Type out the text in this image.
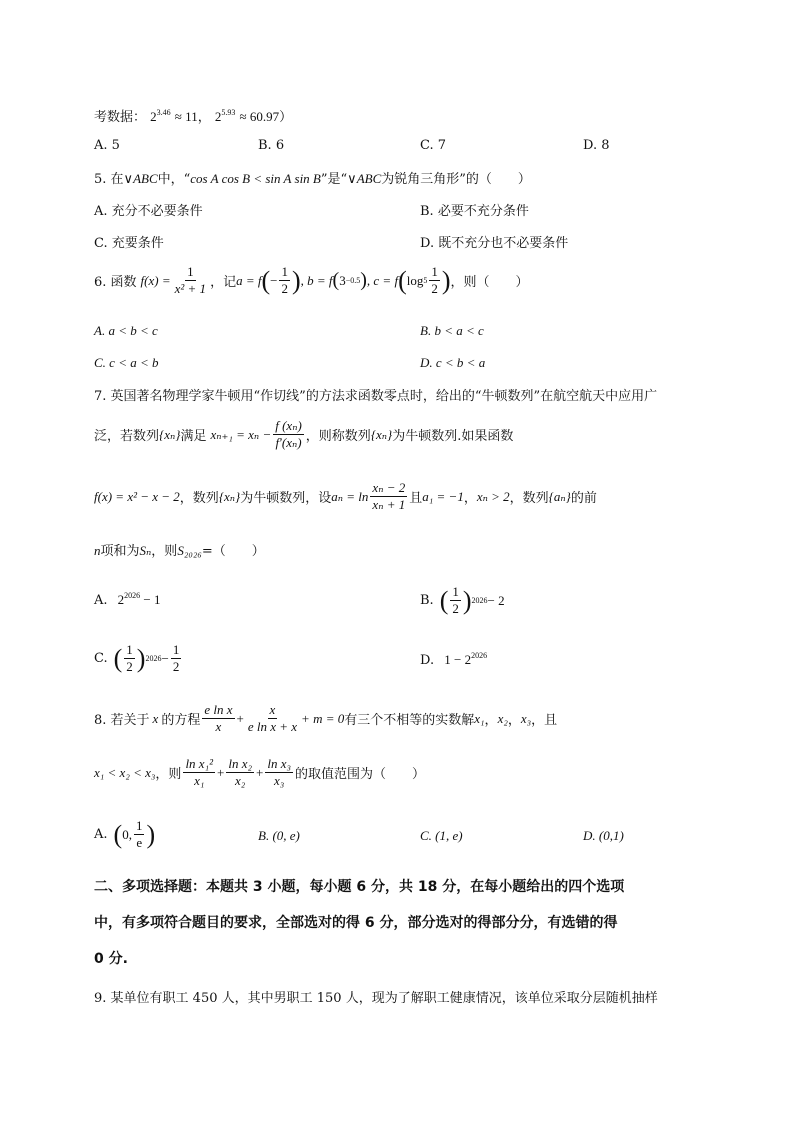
考数据： $2^{3.46} \approx 11$， $2^{5.93} \approx 60.97$）
A. 5	B. 6	C. 7	D. 8
5. 在∨ABC中，“cos A cos B < sin A sin B”是“∨ABC为锐角三角形”的（　　）
A. 充分不必要条件	B. 必要不充分条件
C. 充要条件	D. 既不充分也不必要条件
6. 函数 $f(x) = \frac{1}{\text{x² + 1}}$ ，记 a = f ( − $\frac{1}{2}$ ) , b = f ( 3 −0.5 ) , c = f ( $\log 5 \frac{1}{2}$ ) ，则（　　）
A. a < b < c	B. b < a < c
C. c < a < b	D. c < b < a
7. 英国著名物理学家牛顿用“作切线”的方法求函数零点时，给出的“牛顿数列”在航空航天中应用广
泛，若数列 {xₙ} 满足 $x_{n+1} = x_n - \frac{\text{f (xₙ)}}{\text{f′(xₙ)}}$ ，则称数列 {xₙ} 为牛顿数列.如果函数
f(x) = x² − x − 2 ，数列 {xₙ} 为牛顿数列，设 $a_n = \ln \frac{\text{xₙ − 2}}{\text{xₙ + 1}}$ 且 a₁ = −1 ， xₙ > 2 ，数列 {aₙ} 的前
n项和为Sₙ，则S₂₀₂₆=（　　）
A. $2^{2026} - 1$	B. ( $\frac{1}{2}$ ) 2026 − 2
C. ( $\frac{1}{2}$ ) $2026 - \frac{1}{2}$	D. $1 - 2^{2026}$
8. 若关于 x 的方程 $\frac{\text{e ln x}}{x} + \frac{x}{\text{e ln x + x}} + m = 0$ 有三个不相等的实数解 x₁ ， x₂ ， x₃ ，且
x₁ < x₂ < x₃ ，则 $\frac{\text{ln x₁²}}{\text{x₁}} + \frac{\text{ln x₂}}{\text{x₂}} + \frac{\text{ln x₃}}{\text{x₃}}$ 的取值范围为（　　）
A. ( 0, $\frac{1}{e}$ )	B. (0, e)	C. (1, e)	D. (0,1)
二、多项选择题：本题共 3 小题，每小题 6 分，共 18 分，在每小题给出的四个选项
中，有多项符合题目的要求，全部选对的得 6 分，部分选对的得部分分，有选错的得
0 分.
9. 某单位有职工 450 人，其中男职工 150 人，现为了解职工健康情况，该单位采取分层随机抽样
